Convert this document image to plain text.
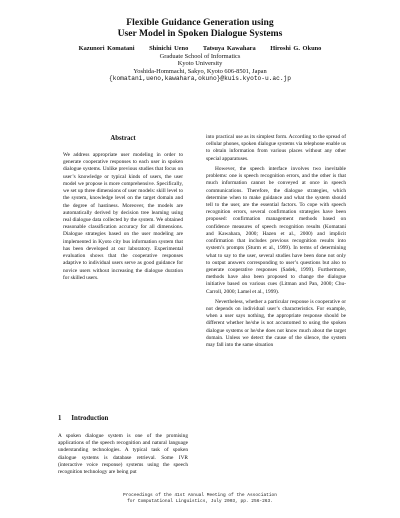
Flexible Guidance Generation using
User Model in Spoken Dialogue Systems
Kazunori Komatani Shinichi Ueno Tatsuya Kawahara Hiroshi G. Okuno
Graduate School of Informatics
Kyoto University
Yoshida-Hommachi, Sakyo, Kyoto 606-8501, Japan
{komatani,ueno,kawahara,okuno}@kuis.kyoto-u.ac.jp
Abstract

We address appropriate user modeling in order to generate cooperative responses to each user in spoken dialogue systems. Unlike previous studies that focus on user’s knowledge or typical kinds of users, the user model we propose is more comprehensive. Specifically, we set up three dimensions of user models: skill level to the system, knowledge level on the target domain and the degree of hastiness. Moreover, the models are automatically derived by decision tree learning using real dialogue data collected by the system. We obtained reasonable classification accuracy for all dimensions. Dialogue strategies based on the user modeling are implemented in Kyoto city bus information system that has been developed at our laboratory. Experimental evaluation shows that the cooperative responses adaptive to individual users serve as good guidance for novice users without increasing the dialogue duration for skilled users.

1 Introduction

A spoken dialogue system is one of the promising applications of the speech recognition and natural language understanding technologies. A typical task of spoken dialogue systems is database retrieval. Some IVR (interactive voice response) systems using the speech recognition technology are being put

into practical use as its simplest form. According to the spread of cellular phones, spoken dialogue systems via telephone enable us to obtain information from various places without any other special apparatuses.

However, the speech interface involves two inevitable problems: one is speech recognition errors, and the other is that much information cannot be conveyed at once in speech communications. Therefore, the dialogue strategies, which determine when to make guidance and what the system should tell to the user, are the essential factors. To cope with speech recognition errors, several confirmation strategies have been proposed: confirmation management methods based on confidence measures of speech recognition results (Komatani and Kawahara, 2000; Hazen et al., 2000) and implicit confirmation that includes previous recognition results into system’s prompts (Sturm et al., 1999). In terms of determining what to say to the user, several studies have been done not only to output answers corresponding to user’s questions but also to generate cooperative responses (Sadek, 1999). Furthermore, methods have also been proposed to change the dialogue initiative based on various cues (Litman and Pan, 2000; Chu-Carroll, 2000; Lamel et al., 1999).

Nevertheless, whether a particular response is cooperative or not depends on individual user’s characteristics. For example, when a user says nothing, the appropriate response should be different whether he/she is not accustomed to using the spoken dialogue systems or he/she does not know much about the target domain. Unless we detect the cause of the silence, the system may fall into the same situation

Proceedings of the 41st Annual Meeting of the Association
for Computational Linguistics, July 2003, pp. 256-263.
